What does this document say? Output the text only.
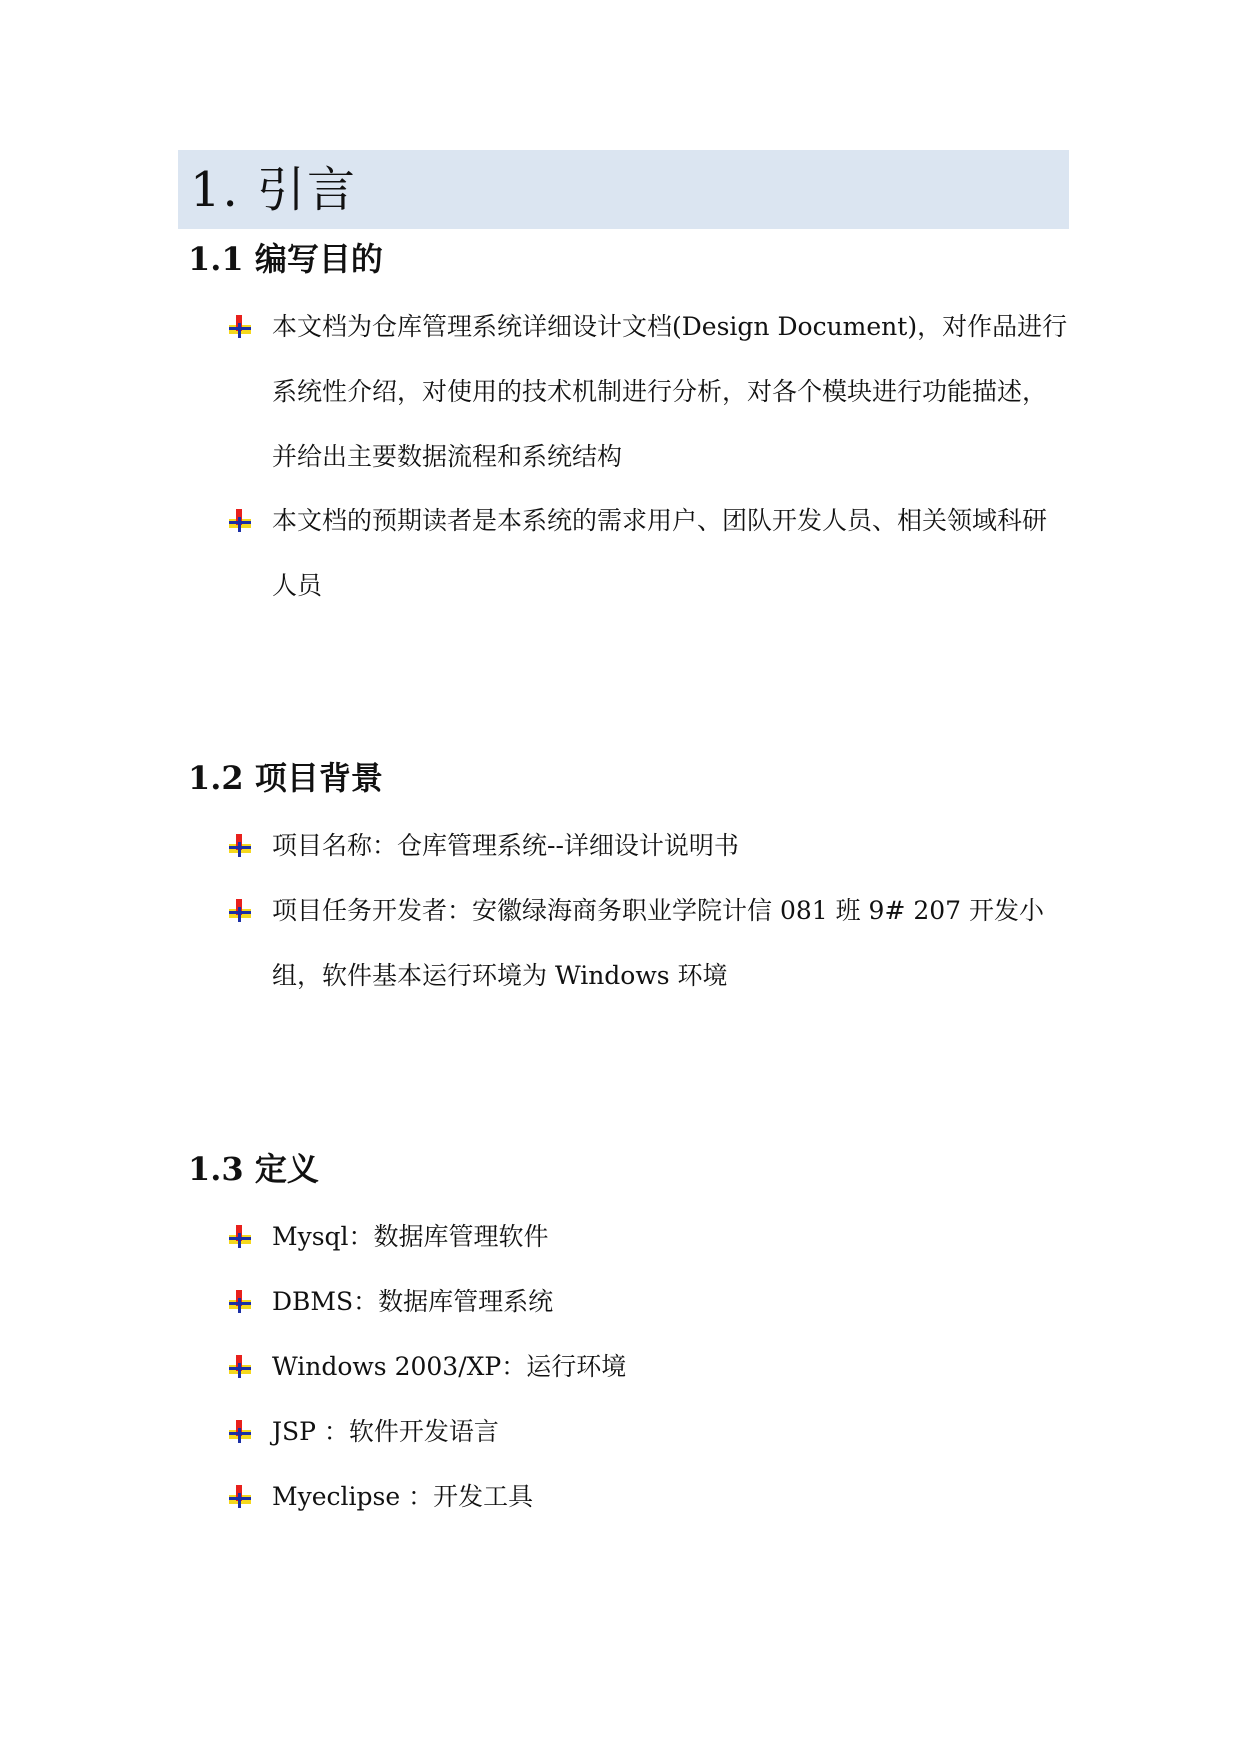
1. 引言
1.1 编写目的
本文档为仓库管理系统详细设计文档(Design Document)，对作品进行系统性介绍，对使用的技术机制进行分析，对各个模块进行功能描述，并给出主要数据流程和系统结构
本文档的预期读者是本系统的需求用户、团队开发人员、相关领域科研人员
1.2 项目背景
项目名称：仓库管理系统--详细设计说明书
项目任务开发者：安徽绿海商务职业学院计信 081 班 9# 207 开发小组，软件基本运行环境为 Windows 环境
1.3 定义
Mysql：数据库管理软件
DBMS：数据库管理系统
Windows 2003/XP：运行环境
JSP ：软件开发语言
Myeclipse ：开发工具
